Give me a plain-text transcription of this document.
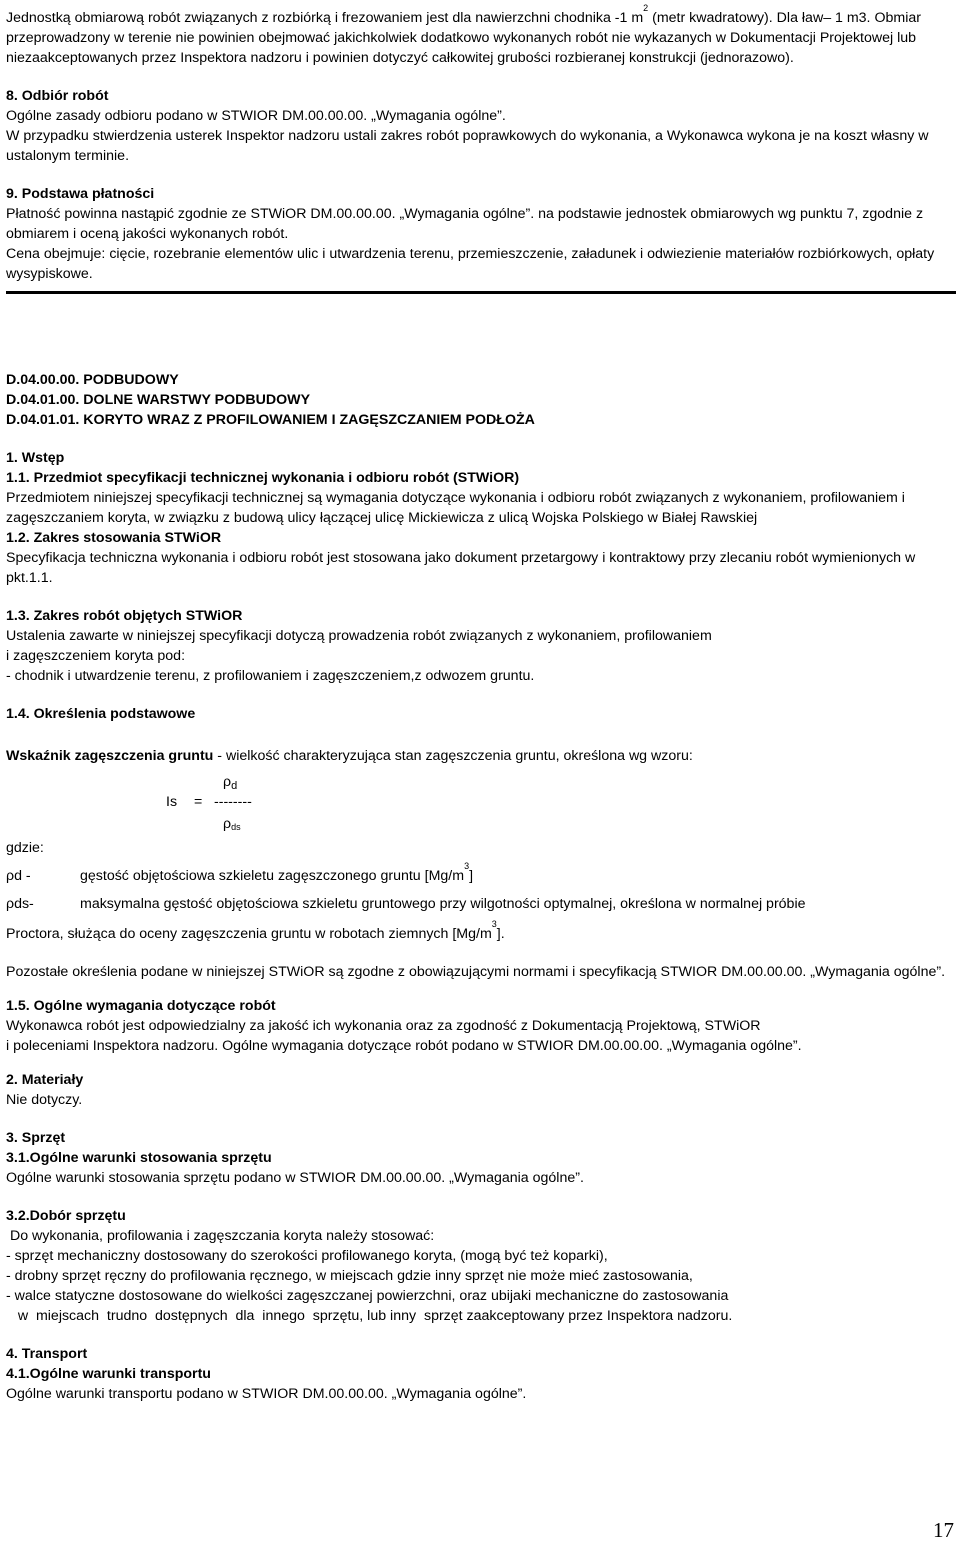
Jednostką obmiarową robót związanych z rozbiórką i frezowaniem jest dla nawierzchni chodnika -1 $m^2$ (metr kwadratowy). Dla ław– 1 m3. Obmiar przeprowadzony w terenie nie powinien obejmować jakichkolwiek dodatkowo wykonanych robót nie wykazanych w Dokumentacji Projektowej lub niezaakceptowanych przez Inspektora nadzoru i powinien dotyczyć całkowitej grubości rozbieranej konstrukcji (jednorazowo).

8. Odbiór robót

Ogólne zasady odbioru podano w STWIOR DM.00.00.00. „Wymagania ogólne”.

W przypadku stwierdzenia usterek Inspektor nadzoru ustali zakres robót poprawkowych do wykonania, a Wykonawca wykona je na koszt własny w ustalonym terminie.

9. Podstawa płatności

Płatność powinna nastąpić zgodnie ze STWiOR DM.00.00.00. „Wymagania ogólne”. na podstawie jednostek obmiarowych wg punktu 7, zgodnie z obmiarem i oceną jakości wykonanych robót.

Cena obejmuje: cięcie, rozebranie elementów ulic i utwardzenia terenu, przemieszczenie, załadunek i odwiezienie materiałów rozbiórkowych, opłaty wysypiskowe.

D.04.00.00. PODBUDOWY

D.04.01.00. DOLNE WARSTWY PODBUDOWY

D.04.01.01. KORYTO WRAZ Z PROFILOWANIEM I ZAGĘSZCZANIEM PODŁOŻA

1. Wstęp

1.1. Przedmiot specyfikacji technicznej wykonania i odbioru robót (STWiOR)

Przedmiotem niniejszej specyfikacji technicznej są wymagania dotyczące wykonania i odbioru robót związanych z wykonaniem, profilowaniem i zagęszczaniem koryta, w związku z budową ulicy łączącej ulicę Mickiewicza z ulicą Wojska Polskiego w Białej Rawskiej

1.2. Zakres stosowania STWiOR

Specyfikacja techniczna wykonania i odbioru robót jest stosowana jako dokument przetargowy i kontraktowy przy zlecaniu robót wymienionych w pkt.1.1.

1.3. Zakres robót objętych STWiOR

Ustalenia zawarte w niniejszej specyfikacji dotyczą prowadzenia robót związanych z wykonaniem, profilowaniem

i zagęszczeniem koryta pod:

- chodnik i utwardzenie terenu, z profilowaniem i zagęszczeniem,z odwozem gruntu.

1.4. Określenia podstawowe

Wskaźnik zagęszczenia gruntu - wielkość charakteryzująca stan zagęszczenia gruntu, określona wg wzoru:

$\rho_d$
Is = --------
ρds

gdzie:

ρd -	gęstość objętościowa szkieletu zagęszczonego gruntu $[Mg/m^3]$
ρds-	maksymalna gęstość objętościowa szkieletu gruntowego przy wilgotności optymalnej, określona w normalnej próbie

Proctora, służąca do oceny zagęszczenia gruntu w robotach ziemnych $[Mg/m^3]$.

Pozostałe określenia podane w niniejszej STWiOR są zgodne z obowiązującymi normami i specyfikacją STWIOR DM.00.00.00. „Wymagania ogólne”.

1.5. Ogólne wymagania dotyczące robót

Wykonawca robót jest odpowiedzialny za jakość ich wykonania oraz za zgodność z Dokumentacją Projektową, STWiOR

i poleceniami Inspektora nadzoru. Ogólne wymagania dotyczące robót podano w STWIOR DM.00.00.00. „Wymagania ogólne”.

2. Materiały

Nie dotyczy.

3. Sprzęt

3.1.Ogólne warunki stosowania sprzętu

Ogólne warunki stosowania sprzętu podano w STWIOR DM.00.00.00. „Wymagania ogólne”.

3.2.Dobór sprzętu

Do wykonania, profilowania i zagęszczania koryta należy stosować:

- sprzęt mechaniczny dostosowany do szerokości profilowanego koryta, (mogą być też koparki),

- drobny sprzęt ręczny do profilowania ręcznego, w miejscach gdzie inny sprzęt nie może mieć zastosowania,

- walce statyczne dostosowane do wielkości zagęszczanej powierzchni, oraz ubijaki mechaniczne do zastosowania

w  miejscach  trudno  dostępnych  dla  innego  sprzętu, lub inny  sprzęt zaakceptowany przez Inspektora nadzoru.

4. Transport

4.1.Ogólne warunki transportu

Ogólne warunki transportu podano w STWIOR DM.00.00.00. „Wymagania ogólne”.

17
